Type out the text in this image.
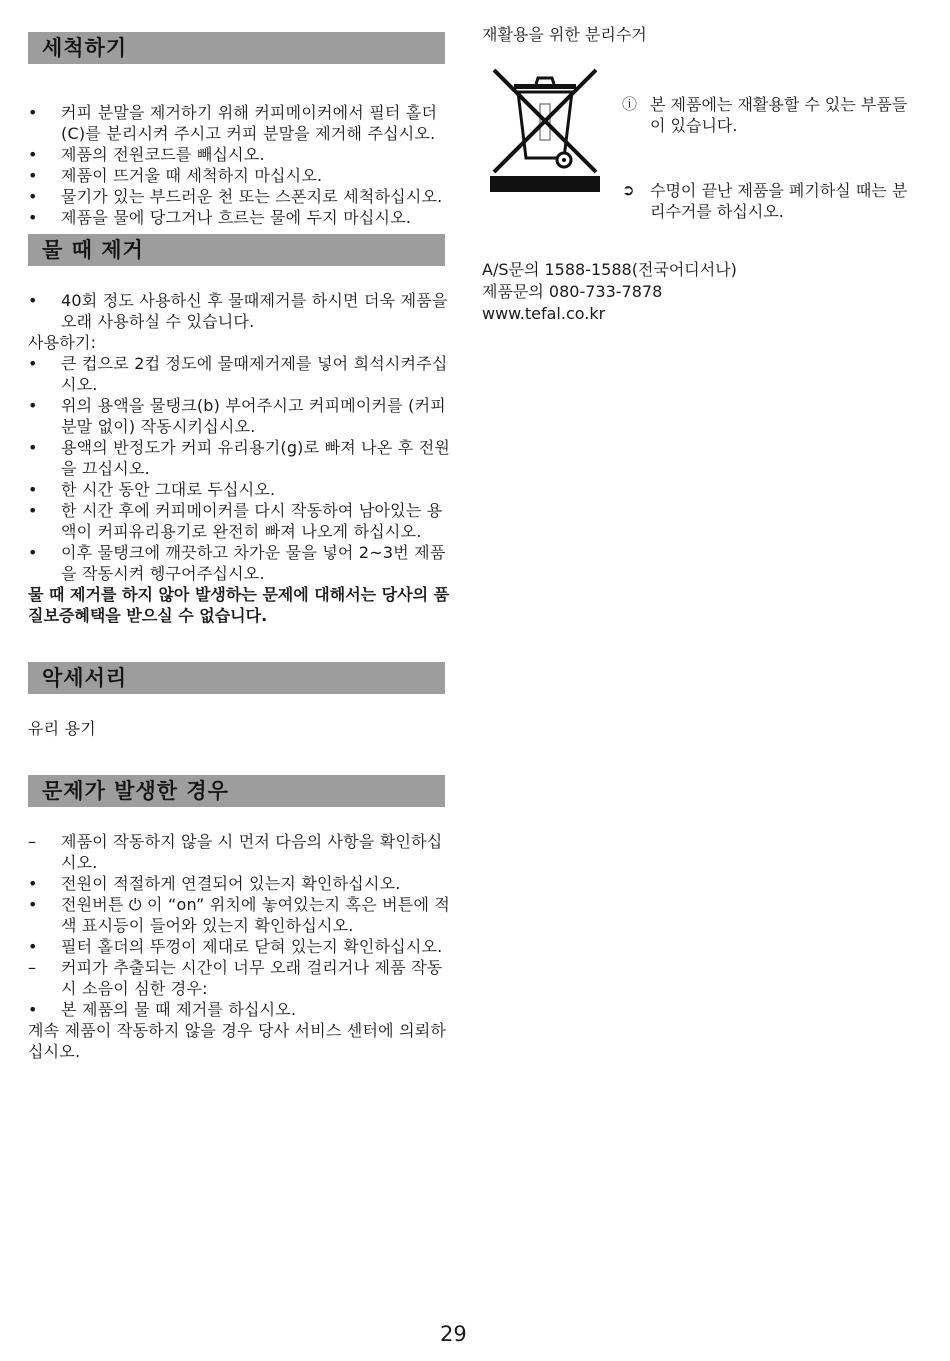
세척하기
•	커피 분말을 제거하기 위해 커피메이커에서 필터 홀더(C)를 분리시켜 주시고 커피 분말을 제거해 주십시오.
•	제품의 전원코드를 빼십시오.
•	제품이 뜨거울 때 세척하지 마십시오.
•	물기가 있는 부드러운 천 또는 스폰지로 세척하십시오.
•	제품을 물에 당그거나 흐르는 물에 두지 마십시오.
물 때 제거
•	40회 정도 사용하신 후 물때제거를 하시면 더욱 제품을 오래 사용하실 수 있습니다.
사용하기:
•	큰 컵으로 2컵 정도에 물때제거제를 넣어 희석시켜주십시오.
•	위의 용액을 물탱크(b) 부어주시고 커피메이커를 (커피분말 없이) 작동시키십시오.
•	용액의 반정도가 커피 유리용기(g)로 빠져 나온 후 전원을 끄십시오.
•	한 시간 동안 그대로 두십시오.
•	한 시간 후에 커피메이커를 다시 작동하여 남아있는 용액이 커피유리용기로 완전히 빠져 나오게 하십시오.
•	이후 물탱크에 깨끗하고 차가운 물을 넣어 2~3번 제품을 작동시켜 헹구어주십시오.
물 때 제거를 하지 않아 발생하는 문제에 대해서는 당사의 품질보증혜택을 받으실 수 없습니다.
악세서리
유리 용기
문제가 발생한 경우
–	제품이 작동하지 않을 시 먼저 다음의 사항을 확인하십시오.
•	전원이 적절하게 연결되어 있는지 확인하십시오.
•	전원버튼 ⏻ 이 “on” 위치에 놓여있는지 혹은 버튼에 적색 표시등이 들어와 있는지 확인하십시오.
•	필터 홀더의 뚜껑이 제대로 닫혀 있는지 확인하십시오.
–	커피가 추출되는 시간이 너무 오래 걸리거나 제품 작동 시 소음이 심한 경우:
•	본 제품의 물 때 제거를 하십시오.
계속 제품이 작동하지 않을 경우 당사 서비스 센터에 의뢰하십시오.
재활용을 위한 분리수거
ⓘ 본 제품에는 재활용할 수 있는 부품들이 있습니다.
➲ 수명이 끝난 제품을 폐기하실 때는 분리수거를 하십시오.
A/S문의 1588-1588(전국어디서나)
제품문의 080-733-7878
www.tefal.co.kr
29
